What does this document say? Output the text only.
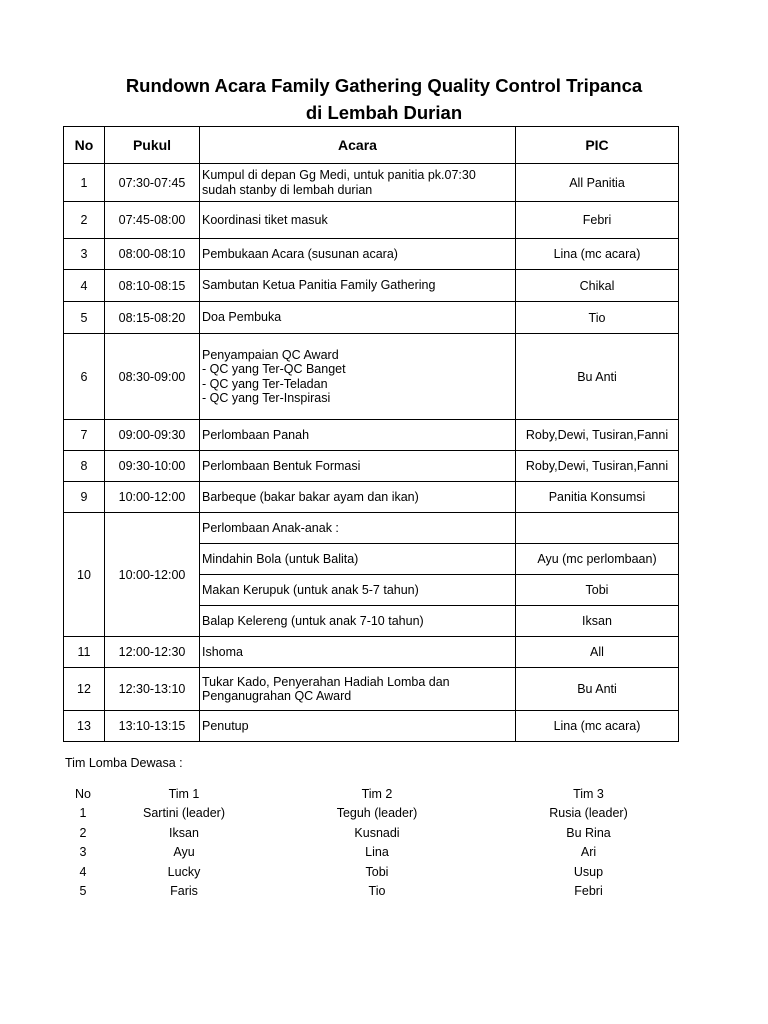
Rundown Acara Family Gathering Quality Control Tripanca
di Lembah Durian
No	Pukul	Acara	PIC
1	07:30-07:45	Kumpul di depan Gg Medi, untuk panitia pk.07:30
sudah stanby di lembah durian	All Panitia
2	07:45-08:00	Koordinasi tiket masuk	Febri
3	08:00-08:10	Pembukaan Acara (susunan acara)	Lina (mc acara)
4	08:10-08:15	Sambutan Ketua Panitia Family Gathering	Chikal
5	08:15-08:20	Doa Pembuka	Tio
6	08:30-09:00	Penyampaian QC Award
- QC yang Ter-QC Banget
- QC yang Ter-Teladan
- QC yang Ter-Inspirasi	Bu Anti
7	09:00-09:30	Perlombaan Panah	Roby,Dewi, Tusiran,Fanni
8	09:30-10:00	Perlombaan Bentuk Formasi	Roby,Dewi, Tusiran,Fanni
9	10:00-12:00	Barbeque (bakar bakar ayam dan ikan)	Panitia Konsumsi
10	10:00-12:00	Perlombaan Anak-anak :	
		Mindahin Bola (untuk Balita)	Ayu (mc perlombaan)
		Makan Kerupuk (untuk anak 5-7 tahun)	Tobi
		Balap Kelereng (untuk anak 7-10 tahun)	Iksan
11	12:00-12:30	Ishoma	All
12	12:30-13:10	Tukar Kado, Penyerahan Hadiah Lomba dan
Penganugrahan QC Award	Bu Anti
13	13:10-13:15	Penutup	Lina (mc acara)
Tim Lomba Dewasa :
No	Tim 1	Tim 2	Tim 3
1	Sartini (leader)	Teguh (leader)	Rusia (leader)
2	Iksan	Kusnadi	Bu Rina
3	Ayu	Lina	Ari
4	Lucky	Tobi	Usup
5	Faris	Tio	Febri
